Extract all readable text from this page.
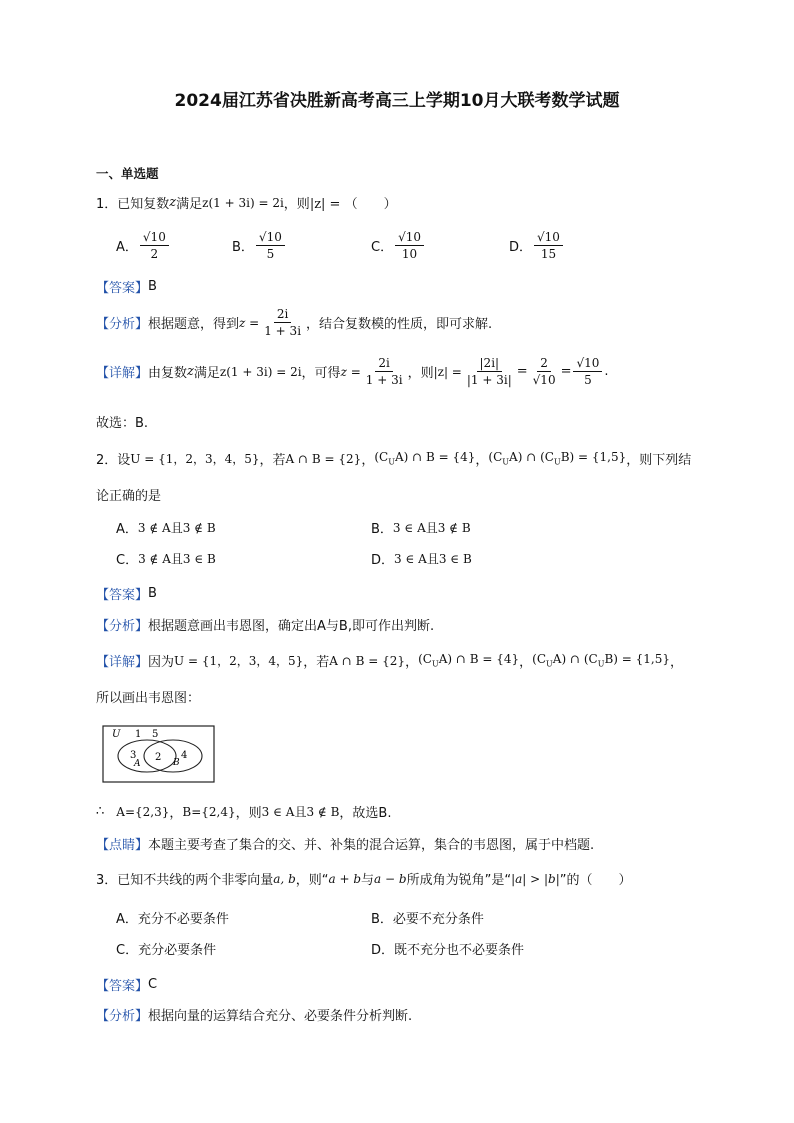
2024届江苏省决胜新高考高三上学期10月大联考数学试题
一、单选题
1．已知复数 z 满足 z(1 + 3i) = 2i ，则 |z| = （　　）
A． $\frac{√10}{2}$	B． $\frac{√10}{5}$	C． $\frac{√10}{10}$	D． $\frac{√10}{15}$
【答案】 B
【分析】 根据题意，得到 $z = \frac{2i}{1 + 3i}$ ，结合复数模的性质，即可求解.
【详解】 由复数 z 满足 z(1 + 3i) = 2i ，可得 $z = \frac{2i}{1 + 3i}$ ，则 $|z| = \frac{|2i|}{|1 + 3i|} = \frac{2}{√10} = \frac{√10}{5}$ .
故选：B.
2．设 U = {1，2，3，4，5} ，若 A ∩ B = {2} ， $(C_UA)$ ∩ B = {4} ， $(C_UA)$ ∩ $(C_UB) = \{1,5\}$ ，则下列结
论正确的是
A． 3 ∉ A且3 ∉ B	B． 3 ∈ A且3 ∉ B
C． 3 ∉ A且3 ∈ B	D． 3 ∈ A且3 ∈ B
【答案】 B
【分析】 根据题意画出韦恩图，确定出A与B,即可作出判断.
【详解】 因为 U = {1，2，3，4，5} ，若 A ∩ B = {2} ， $(C_UA)$ ∩ B = {4} ， $(C_UA)$ ∩ $(C_UB) = \{1,5\}$ ，
所以画出韦恩图：
U 1 5
3
A
2 B
4
∴ A={2,3} ， B={2,4} ，则 3 ∈ A且3 ∉ B ，故选B.
【点睛】 本题主要考查了集合的交、并、补集的混合运算，集合的韦恩图，属于中档题.
3．已知不共线的两个非零向量 a, b ，则“ a + b 与 a − b 所成角为锐角”是“ |a| > |b| ”的（　　）
A． 充分不必要条件	B． 必要不充分条件
C． 充分必要条件	D． 既不充分也不必要条件
【答案】 C
【分析】 根据向量的运算结合充分、必要条件分析判断.
